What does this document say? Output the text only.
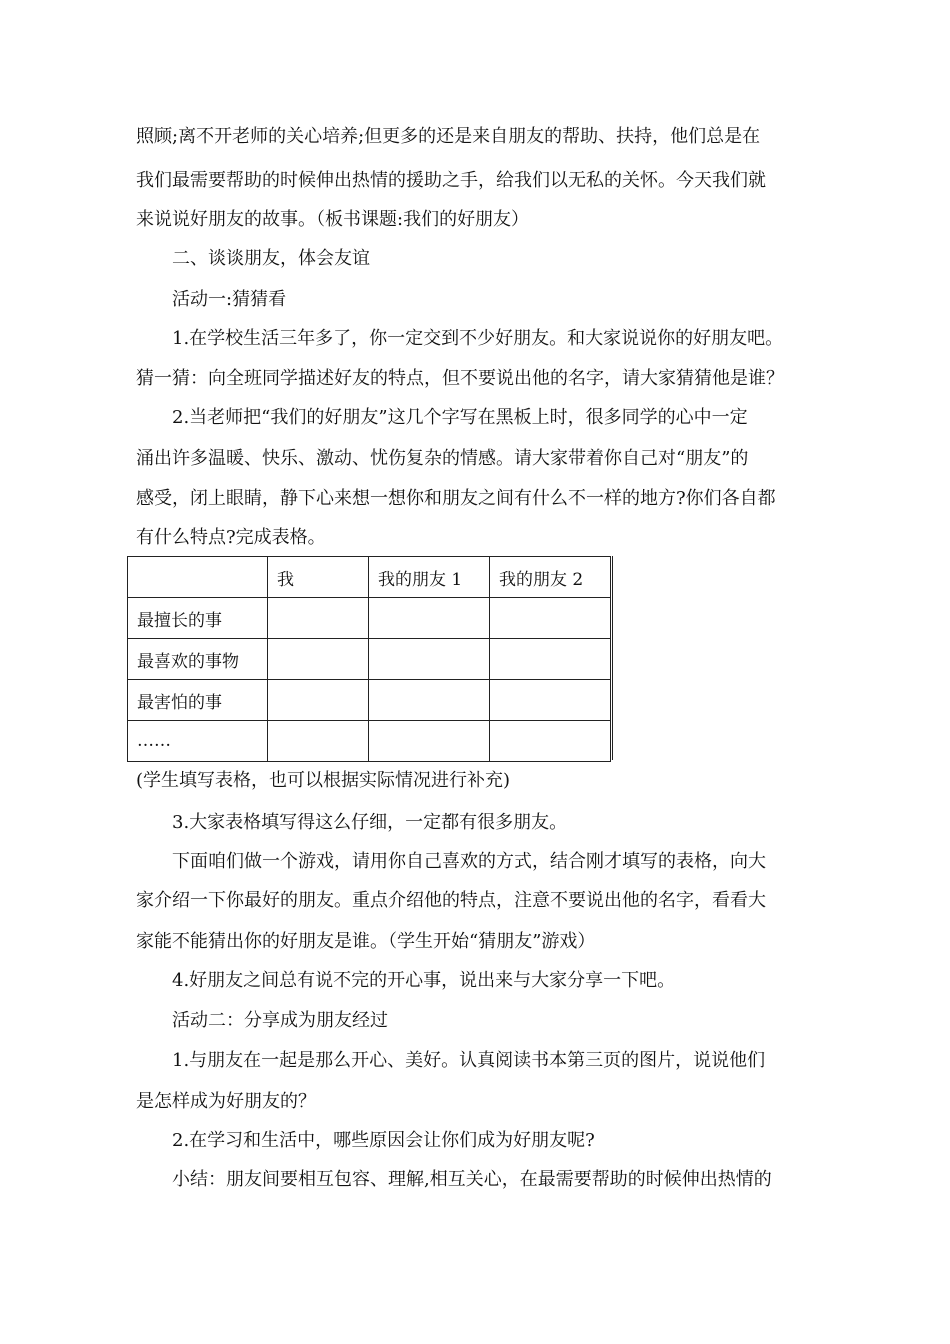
照顾;离不开老师的关心培养;但更多的还是来自朋友的帮助、扶持，他们总是在
我们最需要帮助的时候伸出热情的援助之手，给我们以无私的关怀。今天我们就
来说说好朋友的故事。（板书课题:我们的好朋友）
二、谈谈朋友，体会友谊
活动一:猜猜看
1.在学校生活三年多了，你一定交到不少好朋友。和大家说说你的好朋友吧。
猜一猜：向全班同学描述好友的特点，但不要说出他的名字，请大家猜猜他是谁？
2.当老师把“我们的好朋友”这几个字写在黑板上时，很多同学的心中一定
涌出许多温暖、快乐、激动、忧伤复杂的情感。请大家带着你自己对“朋友”的
感受，闭上眼睛，静下心来想一想你和朋友之间有什么不一样的地方?你们各自都
有什么特点?完成表格。
	我	我的朋友 1	我的朋友 2
最擅长的事			
最喜欢的事物			
最害怕的事			
……			
(学生填写表格，也可以根据实际情况进行补充)
3.大家表格填写得这么仔细，一定都有很多朋友。
下面咱们做一个游戏，请用你自己喜欢的方式，结合刚才填写的表格，向大
家介绍一下你最好的朋友。重点介绍他的特点，注意不要说出他的名字，看看大
家能不能猜出你的好朋友是谁。（学生开始“猜朋友”游戏）
4.好朋友之间总有说不完的开心事，说出来与大家分享一下吧。
活动二：分享成为朋友经过
1.与朋友在一起是那么开心、美好。认真阅读书本第三页的图片，说说他们
是怎样成为好朋友的？
2.在学习和生活中，哪些原因会让你们成为好朋友呢?
小结：朋友间要相互包容、理解,相互关心，在最需要帮助的时候伸出热情的
